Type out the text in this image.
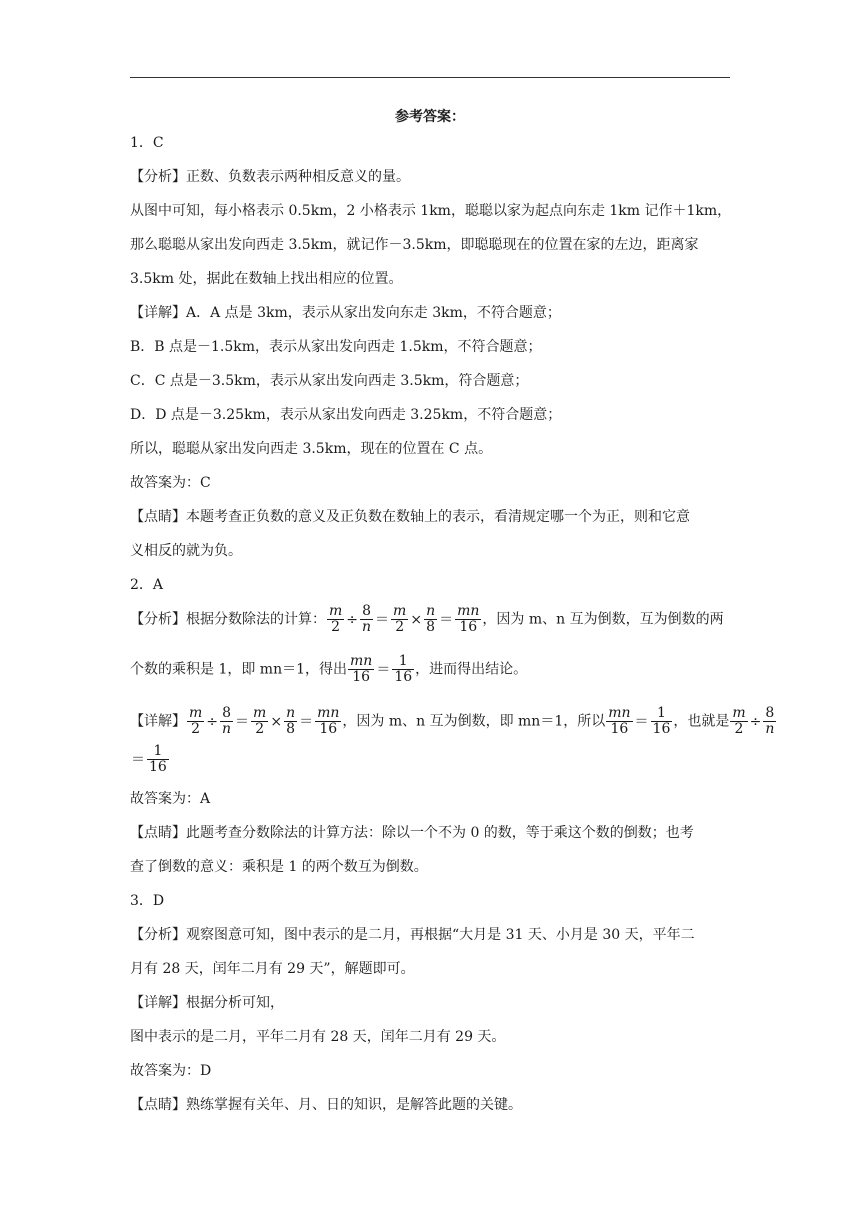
参考答案：
1．C
【分析】正数、负数表示两种相反意义的量。
从图中可知，每小格表示 0.5km，2 小格表示 1km，聪聪以家为起点向东走 1km 记作＋1km，
那么聪聪从家出发向西走 3.5km，就记作－3.5km，即聪聪现在的位置在家的左边，距离家
3.5km 处，据此在数轴上找出相应的位置。
【详解】A．A 点是 3km，表示从家出发向东走 3km，不符合题意；
B．B 点是－1.5km，表示从家出发向西走 1.5km，不符合题意；
C．C 点是－3.5km，表示从家出发向西走 3.5km，符合题意；
D．D 点是－3.25km，表示从家出发向西走 3.25km，不符合题意；
所以，聪聪从家出发向西走 3.5km，现在的位置在 C 点。
故答案为：C
【点睛】本题考查正负数的意义及正负数在数轴上的表示，看清规定哪一个为正，则和它意
义相反的就为负。
2．A
【分析】根据分数除法的计算： $\frac{m}{2} \div \frac{8}{n} = \frac{m}{2} \times \frac{n}{8} = \frac{mn}{16}$ ，因为 m、n 互为倒数，互为倒数的两
个数的乘积是 1，即 mn＝1，得出 $\frac{mn}{16} = \frac{1}{16}$ ，进而得出结论。
【详解】 $\frac{m}{2} \div \frac{8}{n} = \frac{m}{2} \times \frac{n}{8} = \frac{mn}{16}$ ，因为 m、n 互为倒数，即 mn＝1，所以 $\frac{mn}{16} = \frac{1}{16}$ ，也就是 $\frac{m}{2} \div \frac{8}{n}$
＝ $\frac{1}{16}$
故答案为：A
【点睛】此题考查分数除法的计算方法：除以一个不为 0 的数，等于乘这个数的倒数；也考
查了倒数的意义：乘积是 1 的两个数互为倒数。
3．D
【分析】观察图意可知，图中表示的是二月，再根据“大月是 31 天、小月是 30 天，平年二
月有 28 天，闰年二月有 29 天”，解题即可。
【详解】根据分析可知，
图中表示的是二月，平年二月有 28 天，闰年二月有 29 天。
故答案为：D
【点睛】熟练掌握有关年、月、日的知识，是解答此题的关键。
